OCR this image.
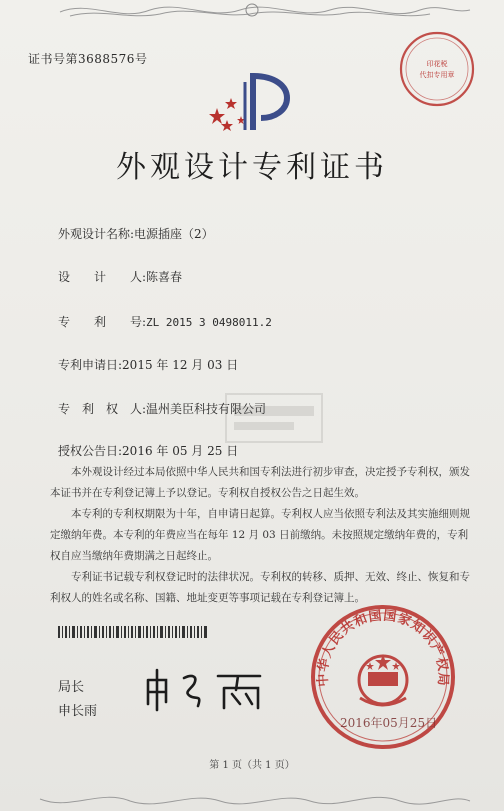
证书号第3688576号	印花税
代扣专用章
外观设计专利证书
外观设计名称:电源插座（2）
设　　计　　人:陈喜春
专　　利　　号:ZL 2015 3 0498011.2
专利申请日:2015 年 12 月 03 日
专　利　权　人:温州美臣科技有限公司
授权公告日:2016 年 05 月 25 日

本外观设计经过本局依照中华人民共和国专利法进行初步审查，决定授予专利权，颁发本证书并在专利登记簿上予以登记。专利权自授权公告之日起生效。

本专利的专利权期限为十年，自申请日起算。专利权人应当依照专利法及其实施细则规定缴纳年费。本专利的年费应当在每年 12 月 03 日前缴纳。未按照规定缴纳年费的，专利权自应当缴纳年费期满之日起终止。

专利证书记载专利权登记时的法律状况。专利权的转移、质押、无效、终止、恢复和专利权人的姓名或名称、国籍、地址变更等事项记载在专利登记簿上。

局长
申长雨
中华人民共和国国家知识产权局
2016年05月25日
第 1 页（共 1 页）
